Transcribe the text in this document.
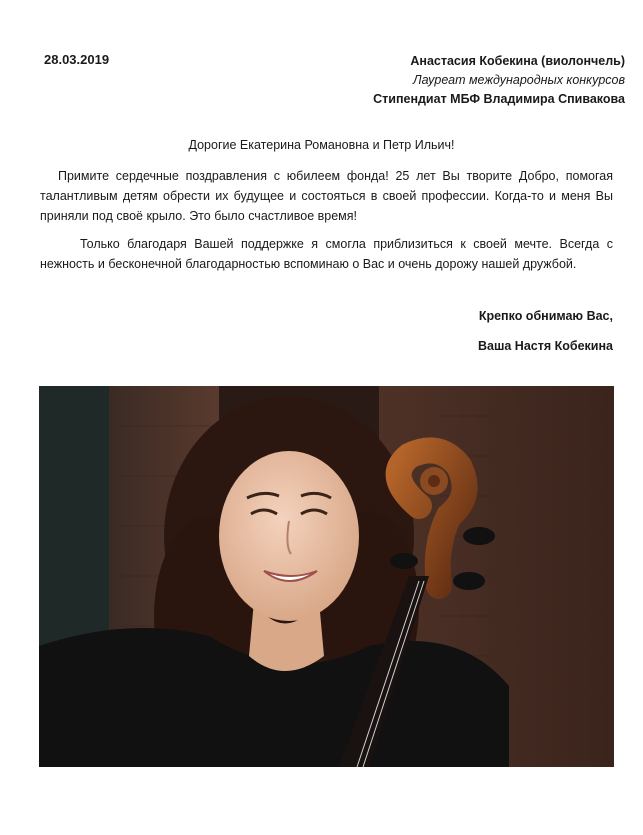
28.03.2019	Анастасия Кобекина (виолончель)
Лауреат международных конкурсов
Стипендиат МБФ Владимира Спивакова
Дорогие Екатерина Романовна и Петр Ильич!
Примите сердечные поздравления с юбилеем фонда! 25 лет Вы творите Добро, помогая талантливым детям обрести их будущее и состояться в своей профессии. Когда-то и меня Вы приняли под своё крыло. Это было счастливое время!
Только благодаря Вашей поддержке я смогла приблизиться к своей мечте. Всегда с нежность и бесконечной благодарностью вспоминаю о Вас и очень дорожу нашей дружбой.
Крепко обнимаю Вас,
Ваша Настя Кобекина
